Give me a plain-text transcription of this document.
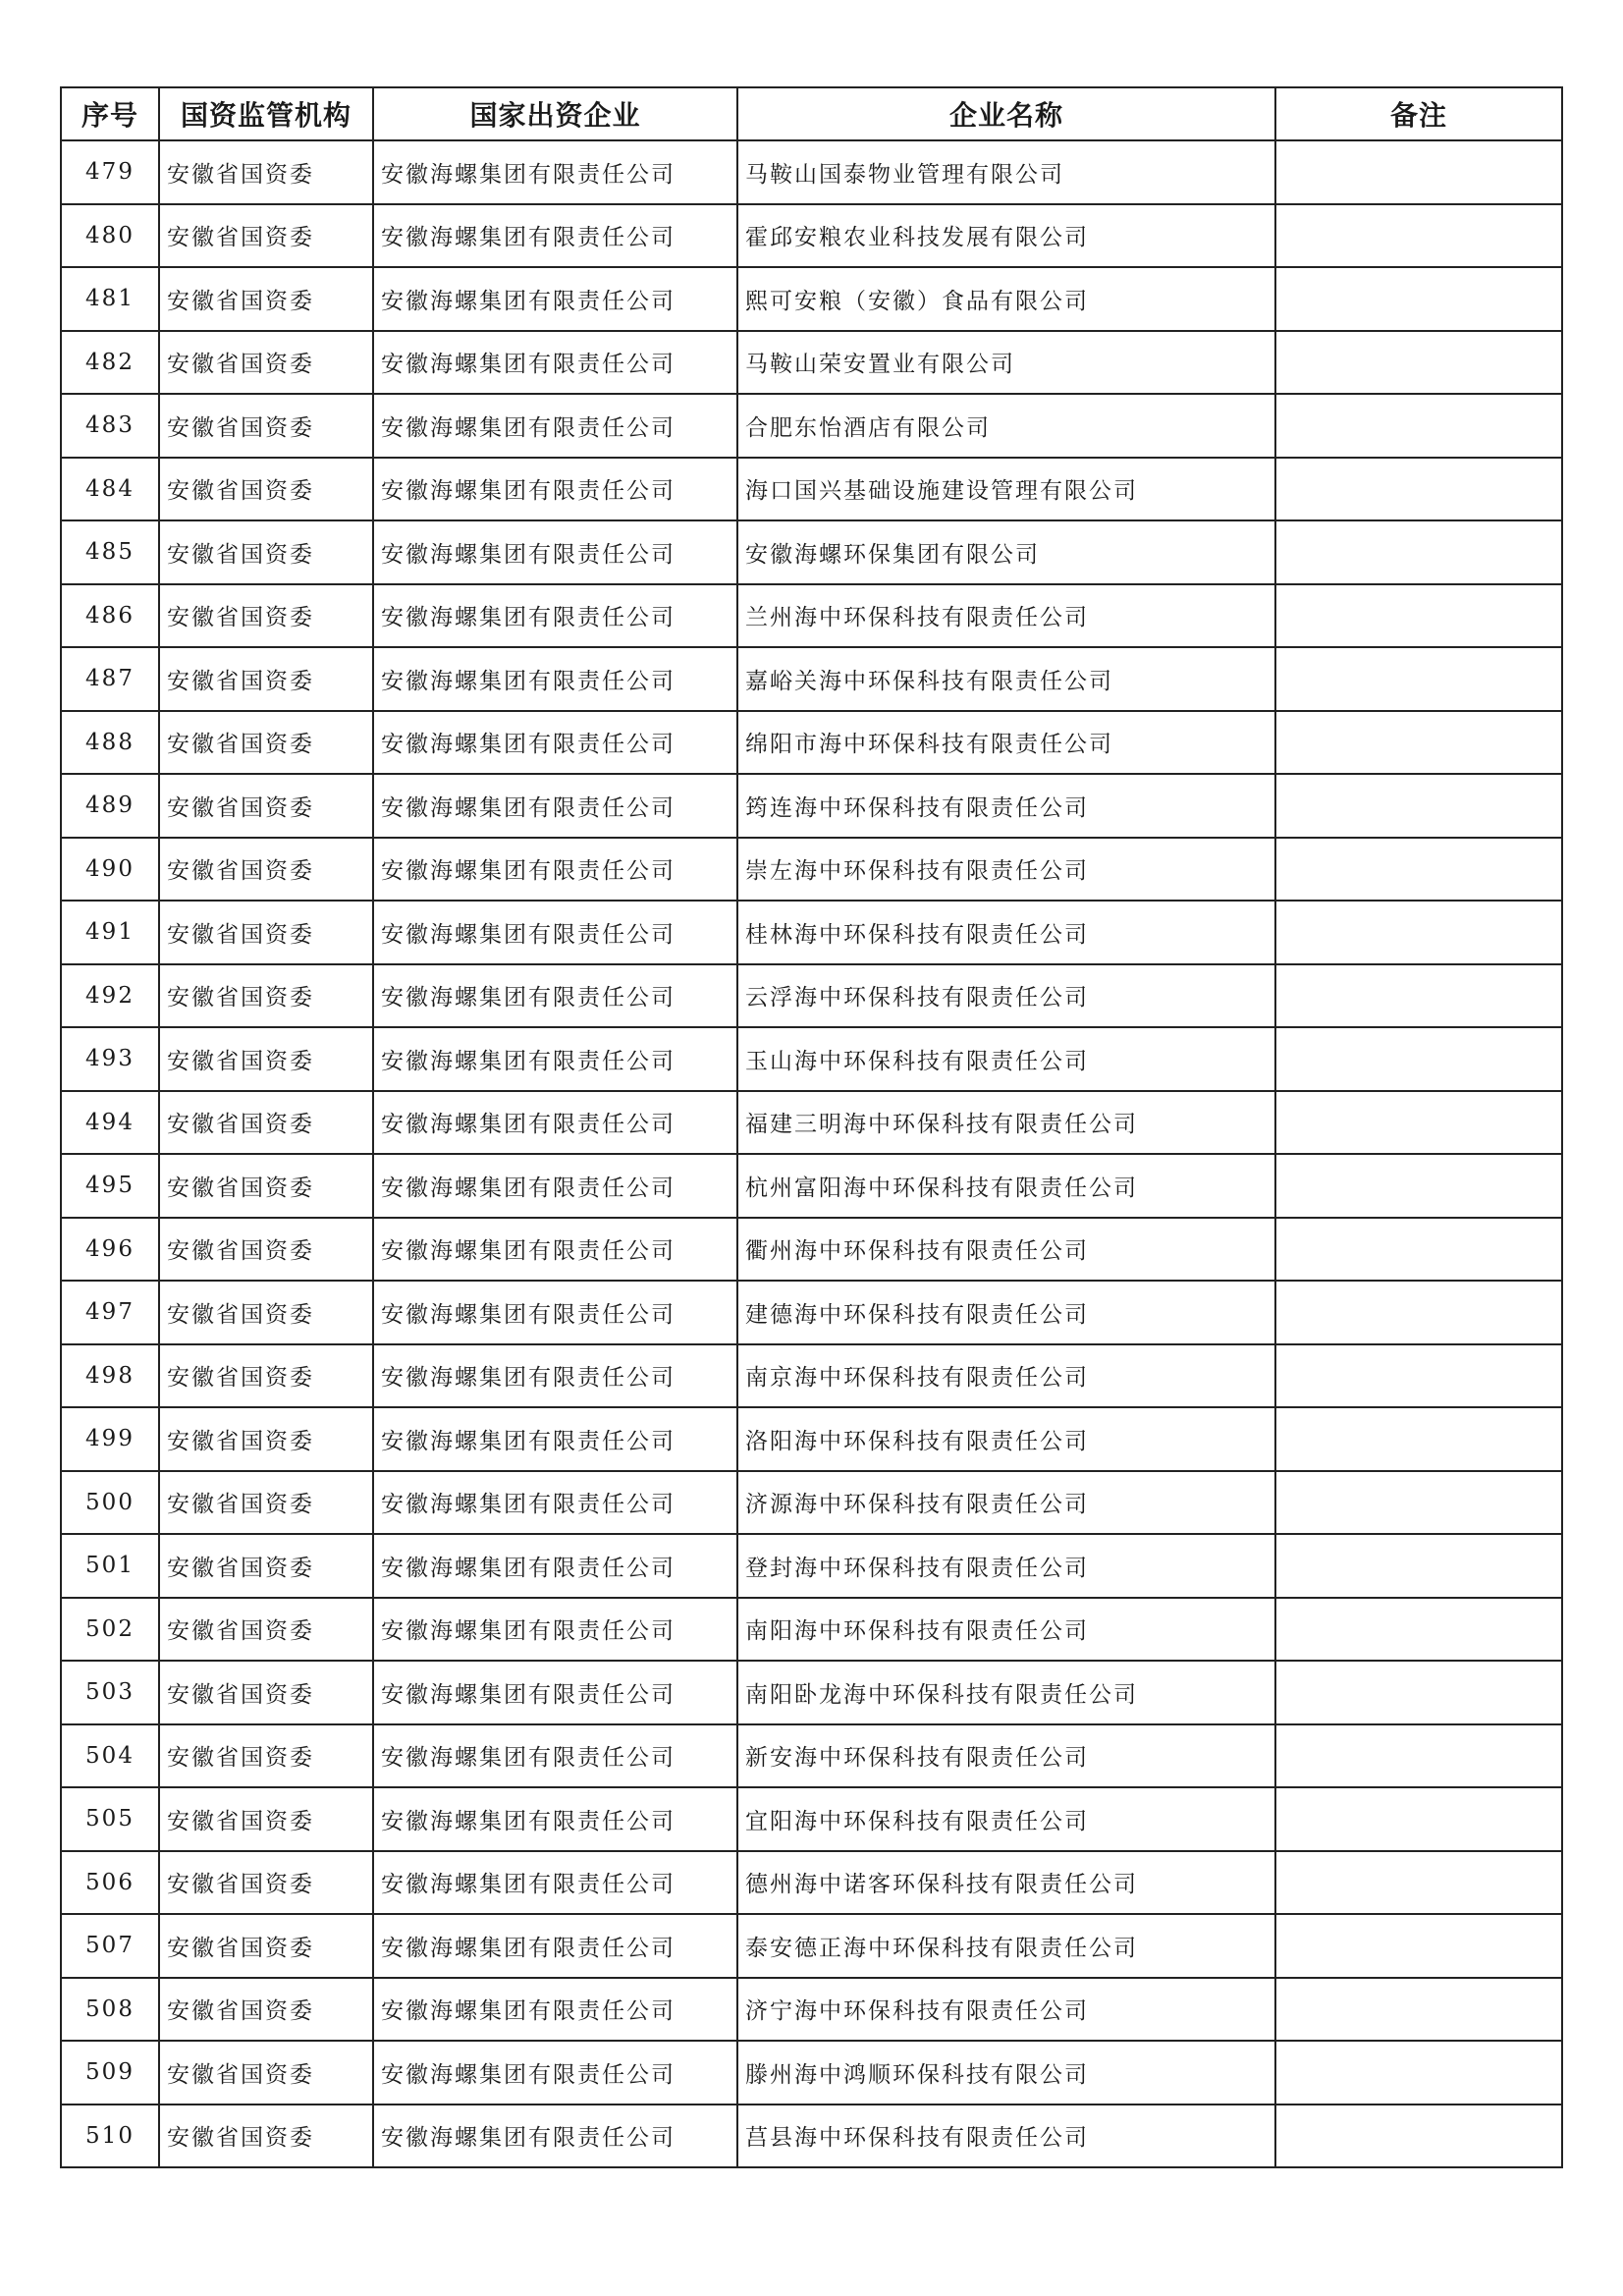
序号	国资监管机构	国家出资企业	企业名称	备注
479	安徽省国资委	安徽海螺集团有限责任公司	马鞍山国泰物业管理有限公司	
480	安徽省国资委	安徽海螺集团有限责任公司	霍邱安粮农业科技发展有限公司	
481	安徽省国资委	安徽海螺集团有限责任公司	熙可安粮（安徽）食品有限公司	
482	安徽省国资委	安徽海螺集团有限责任公司	马鞍山荣安置业有限公司	
483	安徽省国资委	安徽海螺集团有限责任公司	合肥东怡酒店有限公司	
484	安徽省国资委	安徽海螺集团有限责任公司	海口国兴基础设施建设管理有限公司	
485	安徽省国资委	安徽海螺集团有限责任公司	安徽海螺环保集团有限公司	
486	安徽省国资委	安徽海螺集团有限责任公司	兰州海中环保科技有限责任公司	
487	安徽省国资委	安徽海螺集团有限责任公司	嘉峪关海中环保科技有限责任公司	
488	安徽省国资委	安徽海螺集团有限责任公司	绵阳市海中环保科技有限责任公司	
489	安徽省国资委	安徽海螺集团有限责任公司	筠连海中环保科技有限责任公司	
490	安徽省国资委	安徽海螺集团有限责任公司	崇左海中环保科技有限责任公司	
491	安徽省国资委	安徽海螺集团有限责任公司	桂林海中环保科技有限责任公司	
492	安徽省国资委	安徽海螺集团有限责任公司	云浮海中环保科技有限责任公司	
493	安徽省国资委	安徽海螺集团有限责任公司	玉山海中环保科技有限责任公司	
494	安徽省国资委	安徽海螺集团有限责任公司	福建三明海中环保科技有限责任公司	
495	安徽省国资委	安徽海螺集团有限责任公司	杭州富阳海中环保科技有限责任公司	
496	安徽省国资委	安徽海螺集团有限责任公司	衢州海中环保科技有限责任公司	
497	安徽省国资委	安徽海螺集团有限责任公司	建德海中环保科技有限责任公司	
498	安徽省国资委	安徽海螺集团有限责任公司	南京海中环保科技有限责任公司	
499	安徽省国资委	安徽海螺集团有限责任公司	洛阳海中环保科技有限责任公司	
500	安徽省国资委	安徽海螺集团有限责任公司	济源海中环保科技有限责任公司	
501	安徽省国资委	安徽海螺集团有限责任公司	登封海中环保科技有限责任公司	
502	安徽省国资委	安徽海螺集团有限责任公司	南阳海中环保科技有限责任公司	
503	安徽省国资委	安徽海螺集团有限责任公司	南阳卧龙海中环保科技有限责任公司	
504	安徽省国资委	安徽海螺集团有限责任公司	新安海中环保科技有限责任公司	
505	安徽省国资委	安徽海螺集团有限责任公司	宜阳海中环保科技有限责任公司	
506	安徽省国资委	安徽海螺集团有限责任公司	德州海中诺客环保科技有限责任公司	
507	安徽省国资委	安徽海螺集团有限责任公司	泰安德正海中环保科技有限责任公司	
508	安徽省国资委	安徽海螺集团有限责任公司	济宁海中环保科技有限责任公司	
509	安徽省国资委	安徽海螺集团有限责任公司	滕州海中鸿顺环保科技有限公司	
510	安徽省国资委	安徽海螺集团有限责任公司	莒县海中环保科技有限责任公司	
